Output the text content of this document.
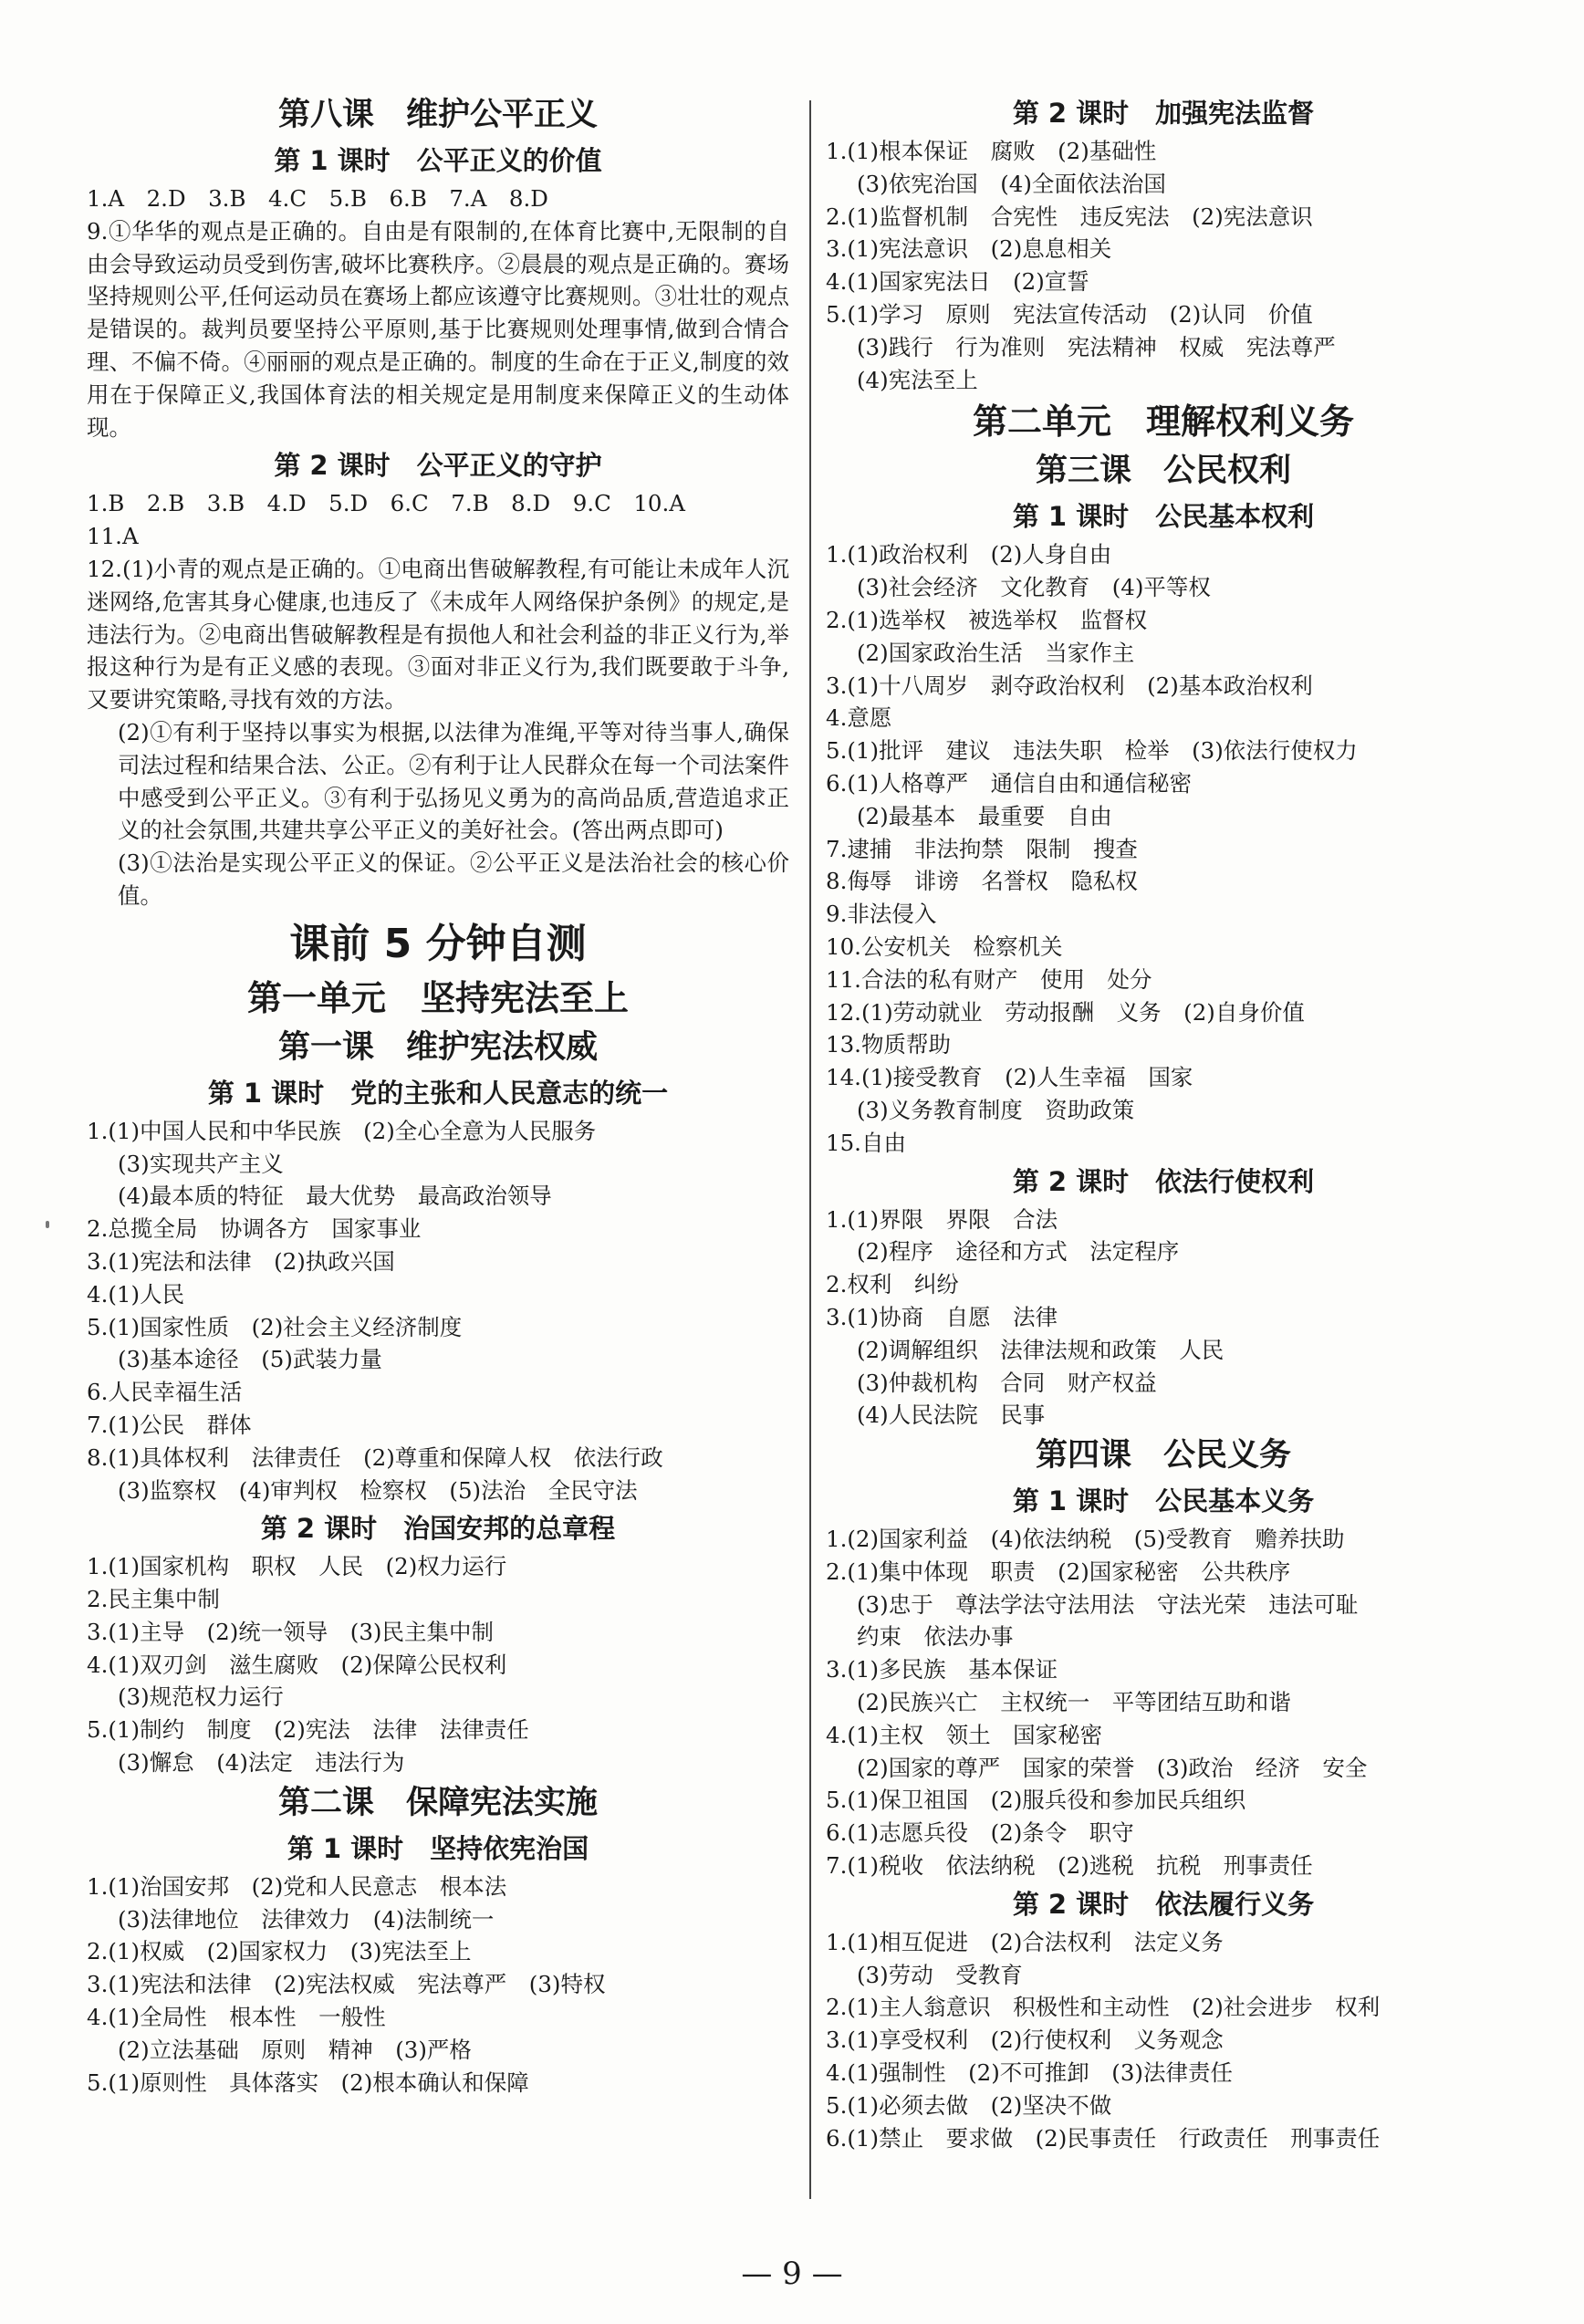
第八课　维护公平正义
第 1 课时　公平正义的价值
1.A　2.D　3.B　4.C　5.B　6.B　7.A　8.D
9.①华华的观点是正确的。自由是有限制的,在体育比赛中,无限制的自由会导致运动员受到伤害,破坏比赛秩序。②晨晨的观点是正确的。赛场坚持规则公平,任何运动员在赛场上都应该遵守比赛规则。③壮壮的观点是错误的。裁判员要坚持公平原则,基于比赛规则处理事情,做到合情合理、不偏不倚。④丽丽的观点是正确的。制度的生命在于正义,制度的效用在于保障正义,我国体育法的相关规定是用制度来保障正义的生动体现。
第 2 课时　公平正义的守护
1.B　2.B　3.B　4.D　5.D　6.C　7.B　8.D　9.C　10.A
11.A
12.(1)小青的观点是正确的。①电商出售破解教程,有可能让未成年人沉迷网络,危害其身心健康,也违反了《未成年人网络保护条例》的规定,是违法行为。②电商出售破解教程是有损他人和社会利益的非正义行为,举报这种行为是有正义感的表现。③面对非正义行为,我们既要敢于斗争,又要讲究策略,寻找有效的方法。
(2)①有利于坚持以事实为根据,以法律为准绳,平等对待当事人,确保司法过程和结果合法、公正。②有利于让人民群众在每一个司法案件中感受到公平正义。③有利于弘扬见义勇为的高尚品质,营造追求正义的社会氛围,共建共享公平正义的美好社会。(答出两点即可)
(3)①法治是实现公平正义的保证。②公平正义是法治社会的核心价值。
课前 5 分钟自测
第一单元　坚持宪法至上
第一课　维护宪法权威
第 1 课时　党的主张和人民意志的统一
1.(1)中国人民和中华民族　(2)全心全意为人民服务
(3)实现共产主义
(4)最本质的特征　最大优势　最高政治领导
2.总揽全局　协调各方　国家事业
3.(1)宪法和法律　(2)执政兴国
4.(1)人民
5.(1)国家性质　(2)社会主义经济制度
(3)基本途径　(5)武装力量
6.人民幸福生活
7.(1)公民　群体
8.(1)具体权利　法律责任　(2)尊重和保障人权　依法行政
(3)监察权　(4)审判权　检察权　(5)法治　全民守法
第 2 课时　治国安邦的总章程
1.(1)国家机构　职权　人民　(2)权力运行
2.民主集中制
3.(1)主导　(2)统一领导　(3)民主集中制
4.(1)双刃剑　滋生腐败　(2)保障公民权利
(3)规范权力运行
5.(1)制约　制度　(2)宪法　法律　法律责任
(3)懈怠　(4)法定　违法行为
第二课　保障宪法实施
第 1 课时　坚持依宪治国
1.(1)治国安邦　(2)党和人民意志　根本法
(3)法律地位　法律效力　(4)法制统一
2.(1)权威　(2)国家权力　(3)宪法至上
3.(1)宪法和法律　(2)宪法权威　宪法尊严　(3)特权
4.(1)全局性　根本性　一般性
(2)立法基础　原则　精神　(3)严格
5.(1)原则性　具体落实　(2)根本确认和保障
第 2 课时　加强宪法监督
1.(1)根本保证　腐败　(2)基础性
(3)依宪治国　(4)全面依法治国
2.(1)监督机制　合宪性　违反宪法　(2)宪法意识
3.(1)宪法意识　(2)息息相关
4.(1)国家宪法日　(2)宣誓
5.(1)学习　原则　宪法宣传活动　(2)认同　价值
(3)践行　行为准则　宪法精神　权威　宪法尊严
(4)宪法至上
第二单元　理解权利义务
第三课　公民权利
第 1 课时　公民基本权利
1.(1)政治权利　(2)人身自由
(3)社会经济　文化教育　(4)平等权
2.(1)选举权　被选举权　监督权
(2)国家政治生活　当家作主
3.(1)十八周岁　剥夺政治权利　(2)基本政治权利
4.意愿
5.(1)批评　建议　违法失职　检举　(3)依法行使权力
6.(1)人格尊严　通信自由和通信秘密
(2)最基本　最重要　自由
7.逮捕　非法拘禁　限制　搜查
8.侮辱　诽谤　名誉权　隐私权
9.非法侵入
10.公安机关　检察机关
11.合法的私有财产　使用　处分
12.(1)劳动就业　劳动报酬　义务　(2)自身价值
13.物质帮助
14.(1)接受教育　(2)人生幸福　国家
(3)义务教育制度　资助政策
15.自由
第 2 课时　依法行使权利
1.(1)界限　界限　合法
(2)程序　途径和方式　法定程序
2.权利　纠纷
3.(1)协商　自愿　法律
(2)调解组织　法律法规和政策　人民
(3)仲裁机构　合同　财产权益
(4)人民法院　民事
第四课　公民义务
第 1 课时　公民基本义务
1.(2)国家利益　(4)依法纳税　(5)受教育　赡养扶助
2.(1)集中体现　职责　(2)国家秘密　公共秩序
(3)忠于　尊法学法守法用法　守法光荣　违法可耻
约束　依法办事
3.(1)多民族　基本保证
(2)民族兴亡　主权统一　平等团结互助和谐
4.(1)主权　领土　国家秘密
(2)国家的尊严　国家的荣誉　(3)政治　经济　安全
5.(1)保卫祖国　(2)服兵役和参加民兵组织
6.(1)志愿兵役　(2)条令　职守
7.(1)税收　依法纳税　(2)逃税　抗税　刑事责任
第 2 课时　依法履行义务
1.(1)相互促进　(2)合法权利　法定义务
(3)劳动　受教育
2.(1)主人翁意识　积极性和主动性　(2)社会进步　权利
3.(1)享受权利　(2)行使权利　义务观念
4.(1)强制性　(2)不可推卸　(3)法律责任
5.(1)必须去做　(2)坚决不做
6.(1)禁止　要求做　(2)民事责任　行政责任　刑事责任
— 9 —
